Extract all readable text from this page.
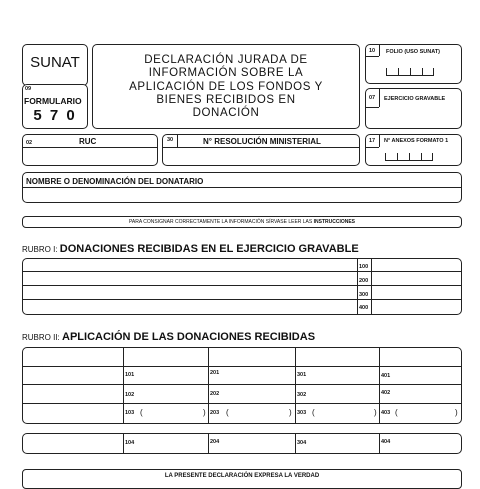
SUNAT
09
FORMULARIO
5 7 0
DECLARACIÓN JURADA DE
INFORMACIÓN SOBRE LA
APLICACIÓN DE LOS FONDOS Y
BIENES RECIBIDOS EN
DONACIÓN
10 FOLIO (USO SUNAT)
07 EJERCICIO GRAVABLE
02	RUC	30	N° RESOLUCIÓN MINISTERIAL	17 N° ANEXOS FORMATO 1
NOMBRE O DENOMINACIÓN DEL DONATARIO
PARA CONSIGNAR CORRECTAMENTE LA INFORMACIÓN SÍRVASE LEER LAS INSTRUCCIONES
RUBRO I: DONACIONES RECIBIDAS EN EL EJERCICIO GRAVABLE
100
200
300
400
RUBRO II: APLICACIÓN DE LAS DONACIONES RECIBIDAS
101	201	301	401
102	202	302	402
103 (	) 203 (	) 303 (	) 403 (	)
104	204	304	404
LA PRESENTE DECLARACIÓN EXPRESA LA VERDAD
